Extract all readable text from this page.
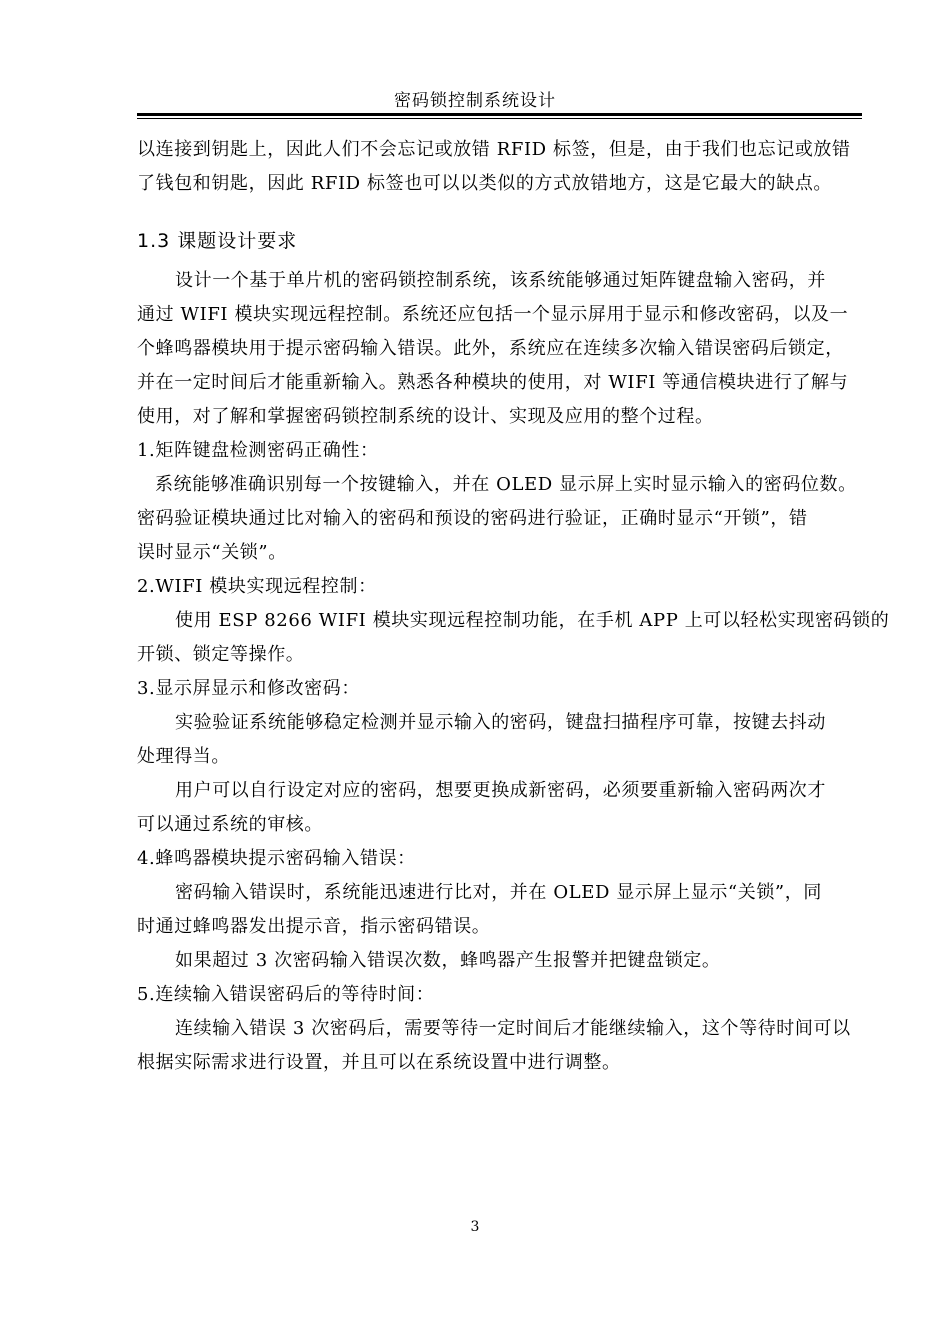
密码锁控制系统设计

以连接到钥匙上，因此人们不会忘记或放错 RFID 标签，但是，由于我们也忘记或放错

了钱包和钥匙，因此 RFID 标签也可以以类似的方式放错地方，这是它最大的缺点。

1.3 课题设计要求

设计一个基于单片机的密码锁控制系统，该系统能够通过矩阵键盘输入密码，并

通过 WIFI 模块实现远程控制。系统还应包括一个显示屏用于显示和修改密码，以及一

个蜂鸣器模块用于提示密码输入错误。此外，系统应在连续多次输入错误密码后锁定，

并在一定时间后才能重新输入。熟悉各种模块的使用，对 WIFI 等通信模块进行了解与

使用，对了解和掌握密码锁控制系统的设计、实现及应用的整个过程。

1.矩阵键盘检测密码正确性：

系统能够准确识别每一个按键输入，并在 OLED 显示屏上实时显示输入的密码位数。

密码验证模块通过比对输入的密码和预设的密码进行验证，正确时显示“开锁”，错

误时显示“关锁”。

2.WIFI 模块实现远程控制：

使用 ESP 8266 WIFI 模块实现远程控制功能，在手机 APP 上可以轻松实现密码锁的

开锁、锁定等操作。

3.显示屏显示和修改密码：

实验验证系统能够稳定检测并显示输入的密码，键盘扫描程序可靠，按键去抖动

处理得当。

用户可以自行设定对应的密码，想要更换成新密码，必须要重新输入密码两次才

可以通过系统的审核。

4.蜂鸣器模块提示密码输入错误：

密码输入错误时，系统能迅速进行比对，并在 OLED 显示屏上显示“关锁”，同

时通过蜂鸣器发出提示音，指示密码错误。

如果超过 3 次密码输入错误次数，蜂鸣器产生报警并把键盘锁定。

5.连续输入错误密码后的等待时间：

连续输入错误 3 次密码后，需要等待一定时间后才能继续输入，这个等待时间可以

根据实际需求进行设置，并且可以在系统设置中进行调整。

3
